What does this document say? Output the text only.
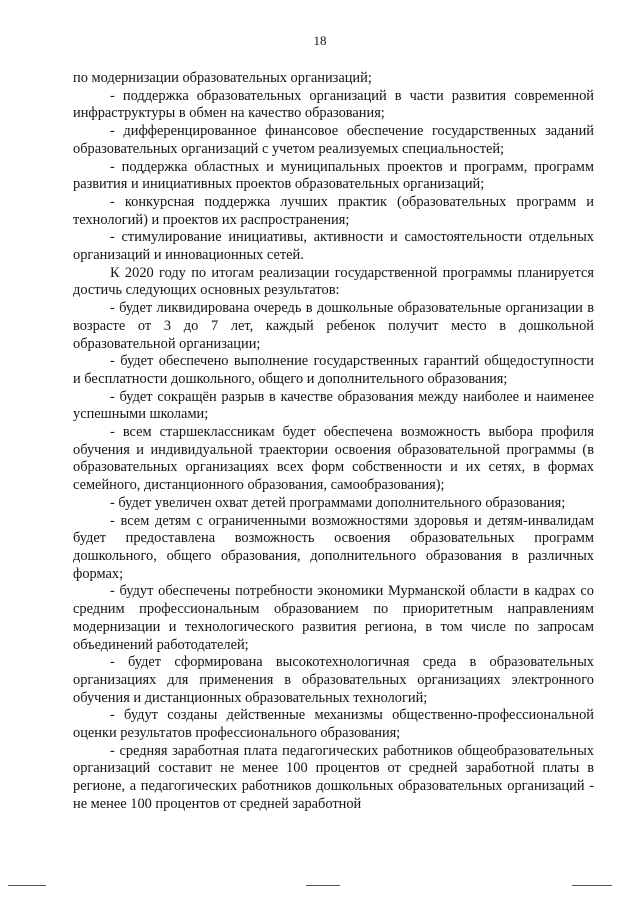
18

по модернизации образовательных организаций;

- поддержка образовательных организаций в части развития современной инфраструктуры в обмен на качество образования;

- дифференцированное финансовое обеспечение государственных заданий образовательных организаций с учетом реализуемых специальностей;

- поддержка областных и муниципальных проектов и программ, программ развития и инициативных проектов образовательных организаций;

- конкурсная поддержка лучших практик (образовательных программ и технологий) и проектов их распространения;

- стимулирование инициативы, активности и самостоятельности отдельных организаций и инновационных сетей.

К 2020 году по итогам реализации государственной программы планируется достичь следующих основных результатов:

- будет ликвидирована очередь в дошкольные образовательные организации в возрасте от 3 до 7 лет, каждый ребенок получит место в дошкольной образовательной организации;

- будет обеспечено выполнение государственных гарантий общедоступности и бесплатности дошкольного, общего и дополнительного образования;

- будет сокращён разрыв в качестве образования между наиболее и наименее успешными школами;

- всем старшеклассникам будет обеспечена возможность выбора профиля обучения и индивидуальной траектории освоения образовательной программы (в образовательных организациях всех форм собственности и их сетях, в формах семейного, дистанционного образования, самообразования);

- будет увеличен охват детей программами дополнительного образования;

- всем детям с ограниченными возможностями здоровья и детям-инвалидам будет предоставлена возможность освоения образовательных программ дошкольного, общего образования, дополнительного образования в различных формах;

- будут обеспечены потребности экономики Мурманской области в кадрах со средним профессиональным образованием по приоритетным направлениям модернизации и технологического развития региона, в том числе по запросам объединений работодателей;

- будет сформирована высокотехнологичная среда в образовательных организациях для применения в образовательных организациях электронного обучения и дистанционных образовательных технологий;

- будут созданы действенные механизмы общественно-профессиональной оценки результатов профессионального образования;

- средняя заработная плата педагогических работников общеобразовательных организаций составит не менее 100 процентов от средней заработной платы в регионе, а педагогических работников дошкольных образовательных организаций - не менее 100 процентов от средней заработной
